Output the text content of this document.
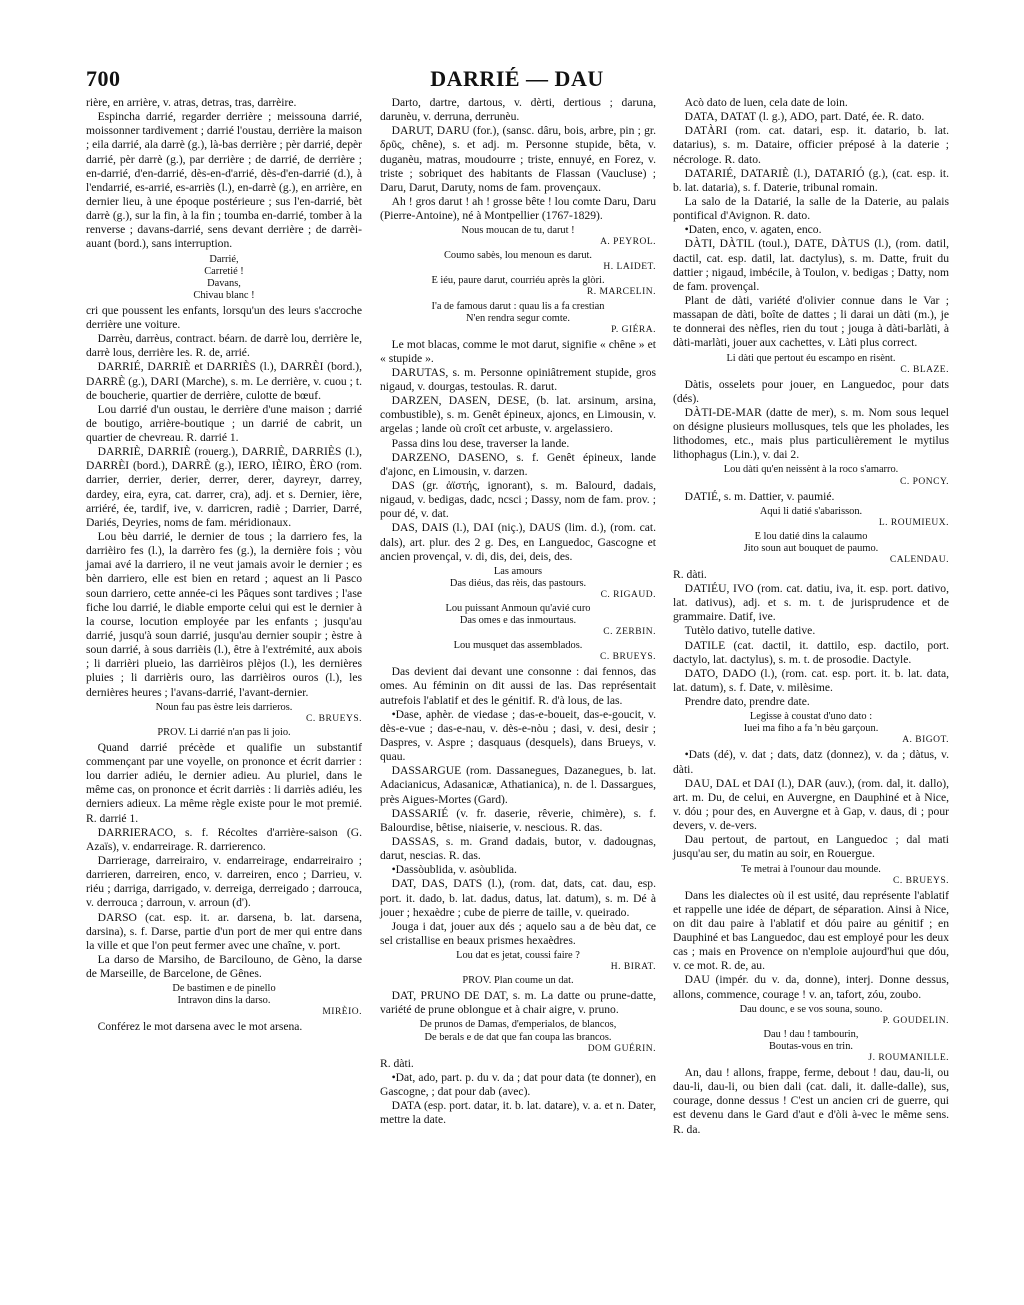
700	DARRIÉ — DAU

rière, en arrière, v. atras, detras, tras, darrèire.

Espincha darrié, regarder derrière ; meissouna darrié, moissonner tardivement ; darrié l'oustau, derrière la maison ; eila darrié, ala darrè (g.), là-bas derrière ; pèr darrié, depèr darrié, pèr darrè (g.), par derrière ; de darrié, de derrière ; en-darrié, d'en-darrié, dès-en-d'arrié, dès-d'en-darrié (d.), à l'endarrié, es-arrié, es-arriès (l.), en-darrè (g.), en arrière, en dernier lieu, à une époque postérieure ; sus l'en-darrié, bèt darrè (g.), sur la fin, à la fin ; toumba en-darrié, tomber à la renverse ; davans-darrié, sens devant derrière ; de darrèi-auant (bord.), sans interruption.

Darrié,
Carretié !
Davans,
Chivau blanc !

cri que poussent les enfants, lorsqu'un des leurs s'accroche derrière une voiture.

Darrèu, darrèus, contract. béarn. de darrè lou, derrière le, darrè lous, derrière les. R. de, arrié.

DARRIÉ, DARRIÈ et DARRIÈS (l.), DARRÈI (bord.), DARRÈ (g.), DARI (Marche), s. m. Le derrière, v. cuou ; t. de boucherie, quartier de derrière, culotte de bœuf.

Lou darrié d'un oustau, le derrière d'une maison ; darrié de boutigo, arrière-boutique ; un darrié de cabrit, un quartier de chevreau. R. darrié 1.

DARRIÈ, DARRIÈ (rouerg.), DARRIÈ, DARRIÈS (l.), DARRÈI (bord.), DARRÈ (g.), IERO, IÈIRO, ÈRO (rom. darrier, derrier, derier, derrer, derer, dayreyr, darrey, dardey, eira, eyra, cat. darrer, cra), adj. et s. Dernier, ière, arriéré, ée, tardif, ive, v. darricren, radiè ; Darrier, Darré, Dariés, Deyries, noms de fam. méridionaux.

Lou bèu darrié, le dernier de tous ; la darriero fes, la darrièiro fes (l.), la darrèro fes (g.), la dernière fois ; vòu jamai avé la darriero, il ne veut jamais avoir le dernier ; es bèn darriero, elle est bien en retard ; aquest an li Pasco soun darriero, cette année-ci les Pâques sont tardives ; l'ase fiche lou darrié, le diable emporte celui qui est le dernier à la course, locution employée par les enfants ; jusqu'au darrié, jusqu'à soun darrié, jusqu'au dernier soupir ; èstre à soun darrié, à sous darrièis (l.), être à l'extrémité, aux abois ; li darrièri plueio, las darrièiros plèjos (l.), les dernières pluies ; li darrièris ouro, las darrièiros ouros (l.), les dernières heures ; l'avans-darrié, l'avant-dernier.

Noun fau pas èstre leis darrieros.
C. BRUEYS.
PROV. Li darrié n'an pas li joio.

Quand darrié précède et qualifie un substantif commençant par une voyelle, on prononce et écrit darrier : lou darrier adiéu, le dernier adieu. Au pluriel, dans le même cas, on prononce et écrit darriès : li darriès adiéu, les derniers adieux. La même règle existe pour le mot premié. R. darrié 1.

DARRIERACO, s. f. Récoltes d'arrière-saison (G. Azaïs), v. endarreirage. R. darrierenco.

Darrierage, darreirairo, v. endarreirage, endarreirairo ; darrieren, darreiren, enco, v. darreiren, enco ; Darrieu, v. riéu ; darriga, darrigado, v. derreiga, derreigado ; darrouca, v. derrouca ; darroun, v. arroun (d').

DARSO (cat. esp. it. ar. darsena, b. lat. darsena, darsina), s. f. Darse, partie d'un port de mer qui entre dans la ville et que l'on peut fermer avec une chaîne, v. port.

La darso de Marsiho, de Barcilouno, de Gèno, la darse de Marseille, de Barcelone, de Gênes.

De bastimen e de pinello
Intravon dins la darso.
MIRÈIO.

Conférez le mot darsena avec le mot arsena.

Darto, dartre, dartous, v. dèrti, dertious ; daruna, darunèu, v. derruna, derrunèu.

DARUT, DARU (for.), (sansc. dâru, bois, arbre, pin ; gr. δρῦς, chêne), s. et adj. m. Personne stupide, bêta, v. duganèu, matras, moudourre ; triste, ennuyé, en Forez, v. triste ; sobriquet des habitants de Flassan (Vaucluse) ; Daru, Darut, Daruty, noms de fam. provençaux.

Ah ! gros darut ! ah ! grosse bête ! lou comte Daru, Daru (Pierre-Antoine), né à Montpellier (1767-1829).

Nous moucan de tu, darut !
A. PEYROL.
Coumo sabès, lou menoun es darut.
H. LAIDET.
E iéu, paure darut, courriéu après la glòri.
R. MARCELIN.
I'a de famous darut : quau lis a fa crestian
N'en rendra segur comte.
P. GIÉRA.

Le mot blacas, comme le mot darut, signifie « chêne » et « stupide ».

DARUTAS, s. m. Personne opiniâtrement stupide, gros nigaud, v. dourgas, testoulas. R. darut.

DARZEN, DASEN, DESE, (b. lat. arsinum, arsina, combustible), s. m. Genêt épineux, ajoncs, en Limousin, v. argelas ; lande où croît cet arbuste, v. argelassiero.

Passa dins lou dese, traverser la lande.

DARZENO, DASENO, s. f. Genêt épineux, lande d'ajonc, en Limousin, v. darzen.

DAS (gr. ἀϊστής, ignorant), s. m. Balourd, dadais, nigaud, v. bedigas, dadc, ncsci ; Dassy, nom de fam. prov. ; pour dé, v. dat.

DAS, DAIS (l.), DAI (niç.), DAUS (lim. d.), (rom. cat. dals), art. plur. des 2 g. Des, en Languedoc, Gascogne et ancien provençal, v. di, dis, dei, deis, des.

Las amours
Das diéus, das rèis, das pastours.
C. RIGAUD.
Lou puissant Anmoun qu'avié curo
Das omes e das inmourtaus.
C. ZERBIN.
Lou musquet das assemblados.
C. BRUEYS.

Das devient dai devant une consonne : dai fennos, das omes. Au féminin on dit aussi de las. Das représentait autrefois l'ablatif et des le génitif. R. d'à lous, de las.

•Dase, aphèr. de viedase ; das-e-boueit, das-e-goucit, v. dès-e-vue ; das-e-nau, v. dès-e-nòu ; dasi, v. desi, desir ; Daspres, v. Aspre ; dasquaus (desquels), dans Brueys, v. quau.

DASSARGUE (rom. Dassanegues, Dazanegues, b. lat. Adacianicus, Adasanicæ, Athatianica), n. de l. Dassargues, près Aigues-Mortes (Gard).

DASSARIÉ (v. fr. daserie, rêverie, chimère), s. f. Balourdise, bêtise, niaiserie, v. nescious. R. das.

DASSAS, s. m. Grand dadais, butor, v. dadougnas, darut, nescias. R. das.

•Dassòublida, v. asòublida.

DAT, DAS, DATS (l.), (rom. dat, dats, cat. dau, esp. port. it. dado, b. lat. dadus, datus, lat. datum), s. m. Dé à jouer ; hexaèdre ; cube de pierre de taille, v. queirado.

Jouga i dat, jouer aux dés ; aquelo sau a de bèu dat, ce sel cristallise en beaux prismes hexaèdres.

Lou dat es jetat, coussi faire ?
H. BIRAT.
PROV. Plan coume un dat.

DAT, PRUNO DE DAT, s. m. La datte ou prune-datte, variété de prune oblongue et à chair aigre, v. pruno.

De prunos de Damas, d'emperialos, de blancos,
De berals e de dat que fan coupa las brancos.
DOM GUÉRIN.

R. dàti.

•Dat, ado, part. p. du v. da ; dat pour data (te donner), en Gascogne, ; dat pour dab (avec).

DATA (esp. port. datar, it. b. lat. datare), v. a. et n. Dater, mettre la date.

Acò dato de luen, cela date de loin.

DATA, DATAT (l. g.), ADO, part. Daté, ée. R. dato.

DATÀRI (rom. cat. datari, esp. it. datario, b. lat. datarius), s. m. Dataire, officier préposé à la daterie ; nécrologe. R. dato.

DATARIÉ, DATARIÈ (l.), DATARIÓ (g.), (cat. esp. it. b. lat. dataria), s. f. Daterie, tribunal romain.

La salo de la Datarié, la salle de la Daterie, au palais pontifical d'Avignon. R. dato.

•Daten, enco, v. agaten, enco.

DÀTI, DÀTIL (toul.), DATE, DÀTUS (l.), (rom. datil, dactil, cat. esp. datil, lat. dactylus), s. m. Datte, fruit du dattier ; nigaud, imbécile, à Toulon, v. bedigas ; Datty, nom de fam. provençal.

Plant de dàti, variété d'olivier connue dans le Var ; massapan de dàti, boîte de dattes ; li darai un dàti (m.), je te donnerai des nèfles, rien du tout ; jouga à dàti-barlàti, à dàti-marlàti, jouer aux cachettes, v. Làti plus correct.

Li dàti que pertout éu escampo en risènt.
C. BLAZE.

Dàtis, osselets pour jouer, en Languedoc, pour dats (dés).

DÀTI-DE-MAR (datte de mer), s. m. Nom sous lequel on désigne plusieurs mollusques, tels que les pholades, les lithodomes, etc., mais plus particulièrement le mytilus lithophagus (Lin.), v. dai 2.

Lou dàti qu'en neissènt à la roco s'amarro.
C. PONCY.

DATIÉ, s. m. Dattier, v. paumié.

Aqui li datié s'abarisson.
L. ROUMIEUX.
E lou datié dins la calaumo
Jito soun aut bouquet de paumo.
CALENDAU.

R. dàti.

DATIÉU, IVO (rom. cat. datiu, iva, it. esp. port. dativo, lat. dativus), adj. et s. m. t. de jurisprudence et de grammaire. Datif, ive.

Tutèlo dativo, tutelle dative.

DATILE (cat. dactil, it. dattilo, esp. dactilo, port. dactylo, lat. dactylus), s. m. t. de prosodie. Dactyle.

DATO, DADO (l.), (rom. cat. esp. port. it. b. lat. data, lat. datum), s. f. Date, v. milèsime.

Prendre dato, prendre date.

Legisse à coustat d'uno dato :
Iuei ma fiho a fa 'n bèu garçoun.
A. BIGOT.

•Dats (dé), v. dat ; dats, datz (donnez), v. da ; dàtus, v. dàti.

DAU, DAL et DAI (l.), DAR (auv.), (rom. dal, it. dallo), art. m. Du, de celui, en Auvergne, en Dauphiné et à Nice, v. dóu ; pour des, en Auvergne et à Gap, v. daus, di ; pour devers, v. de-vers.

Dau pertout, de partout, en Languedoc ; dal mati jusqu'au ser, du matin au soir, en Rouergue.

Te metrai à l'ounour dau mounde.
C. BRUEYS.

Dans les dialectes où il est usité, dau représente l'ablatif et rappelle une idée de départ, de séparation. Ainsi à Nice, on dit dau paire à l'ablatif et dóu paire au génitif ; en Dauphiné et bas Languedoc, dau est employé pour les deux cas ; mais en Provence on n'emploie aujourd'hui que dóu, v. ce mot. R. de, au.

DAU (impér. du v. da, donne), interj. Donne dessus, allons, commence, courage ! v. an, tafort, zóu, zoubo.

Dau dounc, e se vos souna, souno.
P. GOUDELIN.
Dau ! dau ! tambourin,
Boutas-vous en trin.
J. ROUMANILLE.

An, dau ! allons, frappe, ferme, debout ! dau, dau-li, ou dau-li, dau-li, ou bien dali (cat. dali, it. dalle-dalle), sus, courage, donne dessus ! C'est un ancien cri de guerre, qui est devenu dans le Gard d'aut e d'òli à-vec le même sens. R. da.
